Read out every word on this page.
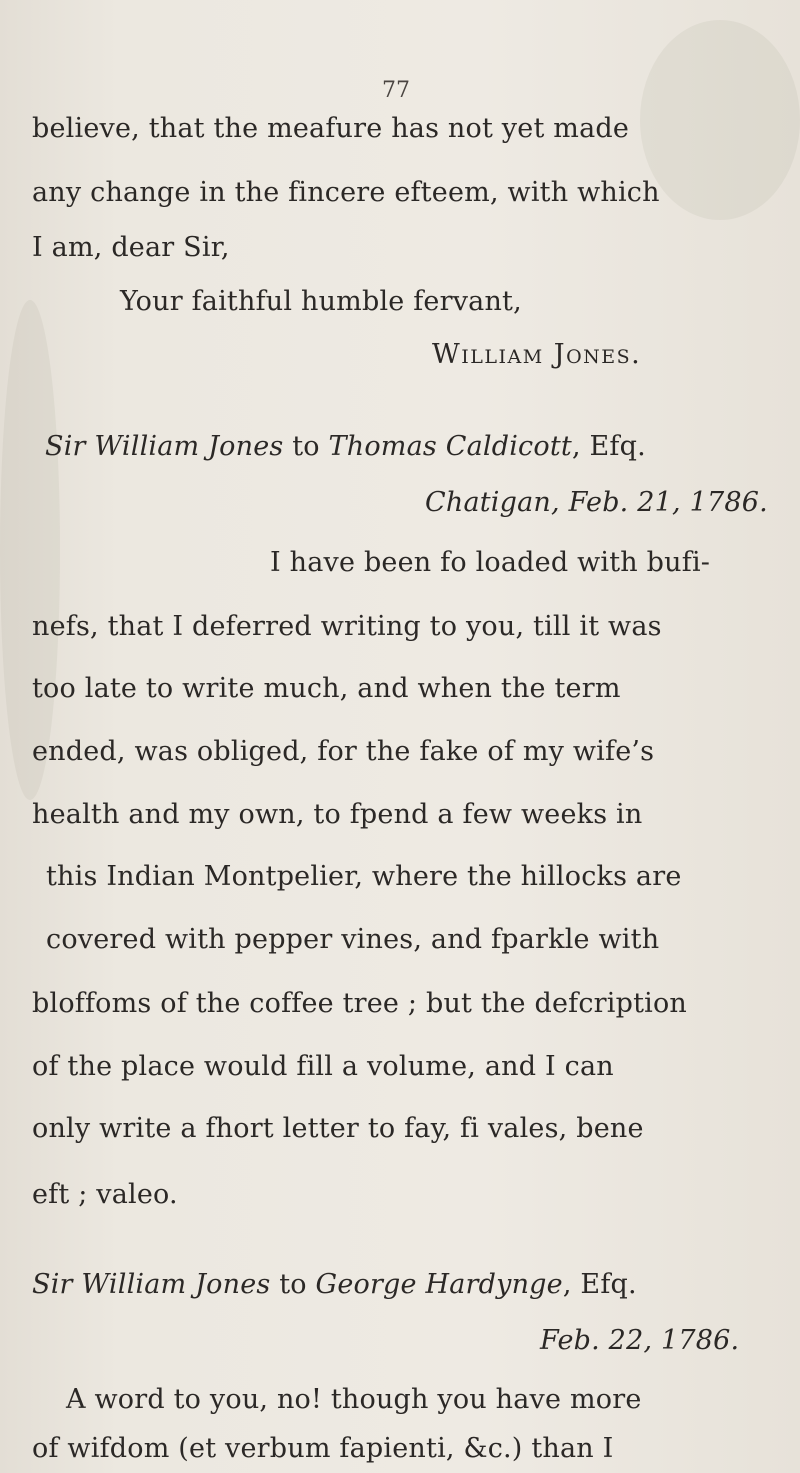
77
believe, that the meafure has not yet made
any change in the fincere efteem, with which
I am, dear Sir,
Your faithful humble fervant,
William Jones.
Sir William Jones to Thomas Caldicott, Efq.
Chatigan, Feb. 21, 1786.
I have been fo loaded with bufi-
nefs, that I deferred writing to you, till it was
too late to write much, and when the term
ended, was obliged, for the fake of my wife’s
health and my own, to fpend a few weeks in
this Indian Montpelier, where the hillocks are
covered with pepper vines, and fparkle with
bloffoms of the coffee tree ; but the defcription
of the place would fill a volume, and I can
only write a fhort letter to fay, fi vales, bene
eft ; valeo.
Sir William Jones to George Hardynge, Efq.
Feb. 22, 1786.
A word to you, no! though you have more
of wifdom (et verbum fapienti, &c.) than I
